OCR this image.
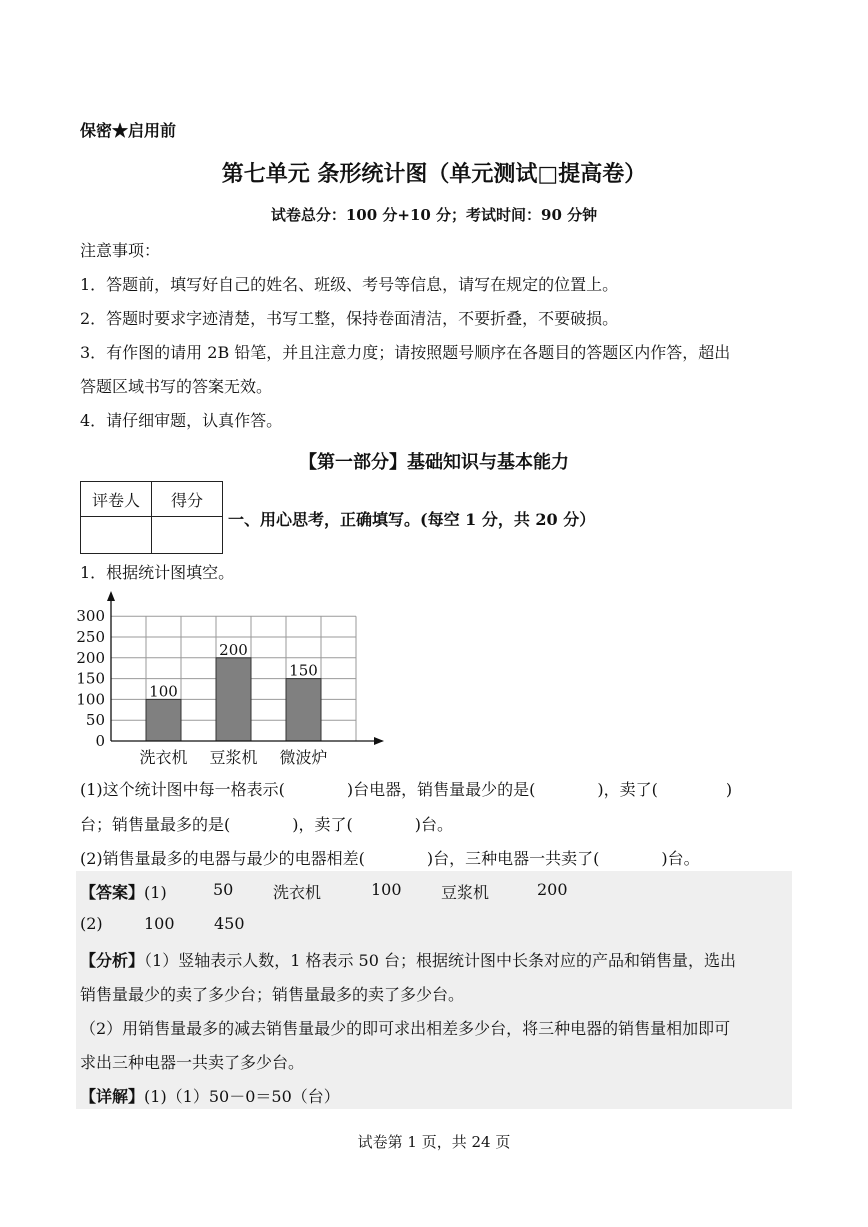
保密★启用前
第七单元 条形统计图（单元测试□提高卷）
试卷总分：100 分+10 分；考试时间：90 分钟
注意事项：
1．答题前，填写好自己的姓名、班级、考号等信息，请写在规定的位置上。
2．答题时要求字迹清楚，书写工整，保持卷面清洁，不要折叠，不要破损。
3．有作图的请用 2B 铅笔，并且注意力度；请按照题号顺序在各题目的答题区内作答，超出
答题区域书写的答案无效。
4．请仔细审题，认真作答。
【第一部分】基础知识与基本能力
评卷人	得分

一、用心思考，正确填写。(每空 1 分，共 20 分）
1．根据统计图填空。
100
洗衣机
200
豆浆机
150
微波炉
0
50
100
150
200
250
300
(1)这个统计图中每一格表示(	)台电器，销售量最少的是(	)，卖了(	)
台；销售量最多的是(	)，卖了(	)台。
(2)销售量最多的电器与最少的电器相差(	)台，三种电器一共卖了(	)台。
【答案】(1)	50 洗衣机	100 豆浆机	200
(2)	100 450
【分析】（1）竖轴表示人数，1 格表示 50 台；根据统计图中长条对应的产品和销售量，选出
销售量最少的卖了多少台；销售量最多的卖了多少台。
（2）用销售量最多的减去销售量最少的即可求出相差多少台，将三种电器的销售量相加即可
求出三种电器一共卖了多少台。
【详解】(1)（1）50－0＝50（台）
试卷第 1 页，共 24 页
